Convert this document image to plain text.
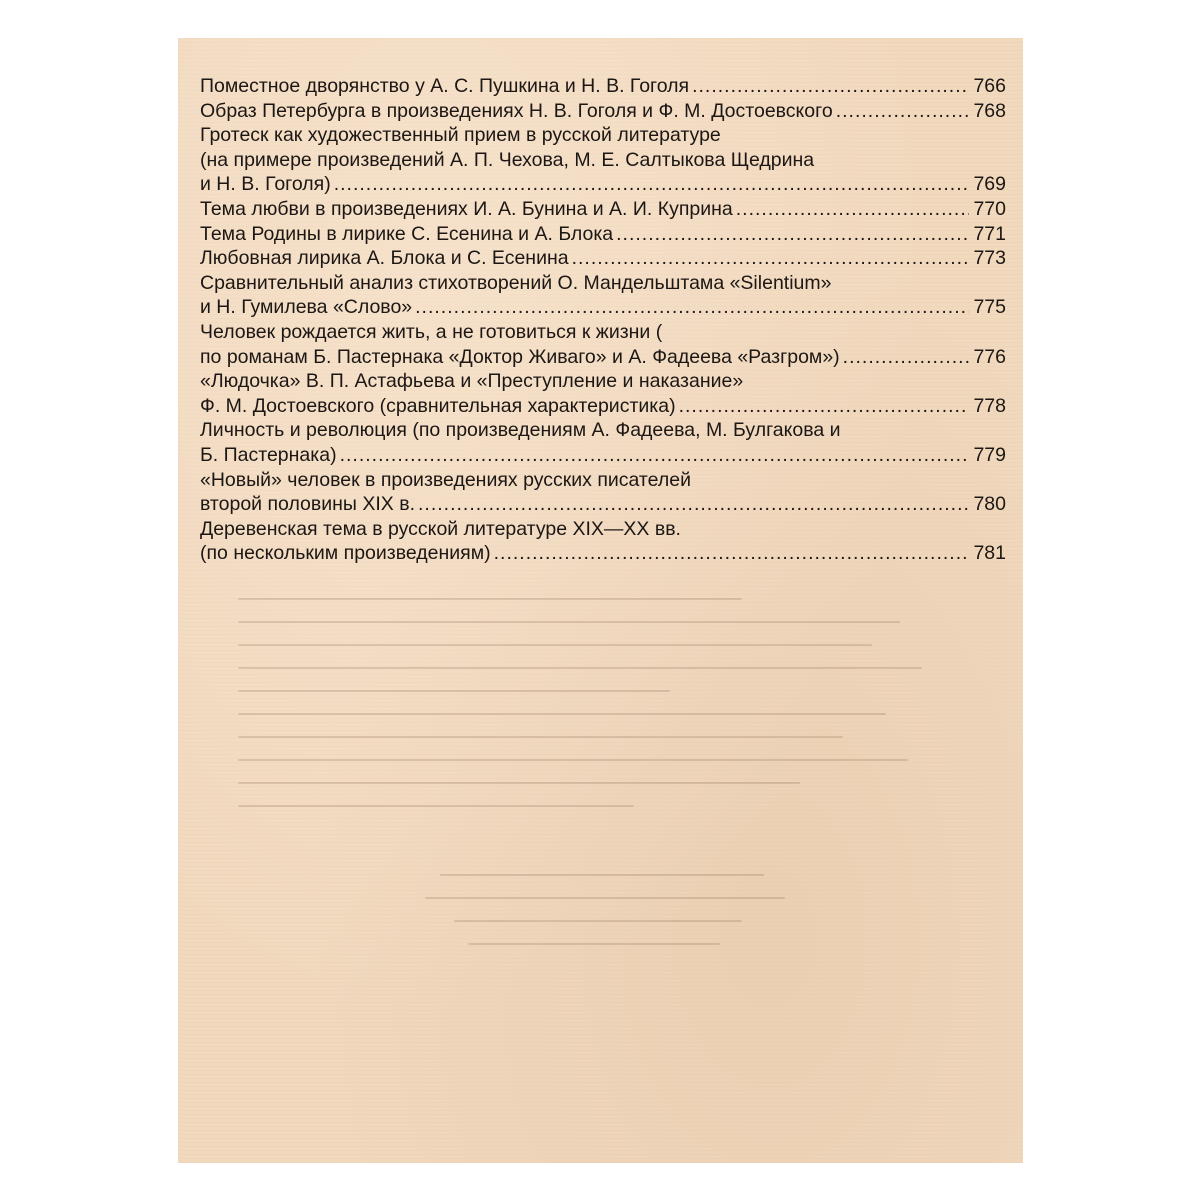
Поместное дворянство у А. С. Пушкина и Н. В. Гоголя .....	766
Образ Петербурга в произведениях Н. В. Гоголя и Ф. М. Достоевского .....	768
Гротеск как художественный прием в русской литературе
(на примере произведений А. П. Чехова, М. Е. Салтыкова Щедрина
и Н. В. Гоголя) .....	769
Тема любви в произведениях И. А. Бунина и А. И. Куприна .....	770
Тема Родины в лирике С. Есенина и А. Блока .....	771
Любовная лирика А. Блока и С. Есенина .....	773
Сравнительный анализ стихотворений О. Мандельштама «Silentium»
и Н. Гумилева «Слово» .....	775
Человек рождается жить, а не готовиться к жизни (
по романам Б. Пастернака «Доктор Живаго» и А. Фадеева «Разгром») .....	776
«Людочка» В. П. Астафьева и «Преступление и наказание»
Ф. М. Достоевского (сравнительная характеристика) .....	778
Личность и революция (по произведениям А. Фадеева, М. Булгакова и
Б. Пастернака) .....	779
«Новый» человек в произведениях русских писателей
второй половины XIX в. .....	780
Деревенская тема в русской литературе XIX—XX вв.
(по нескольким произведениям) .....	781
